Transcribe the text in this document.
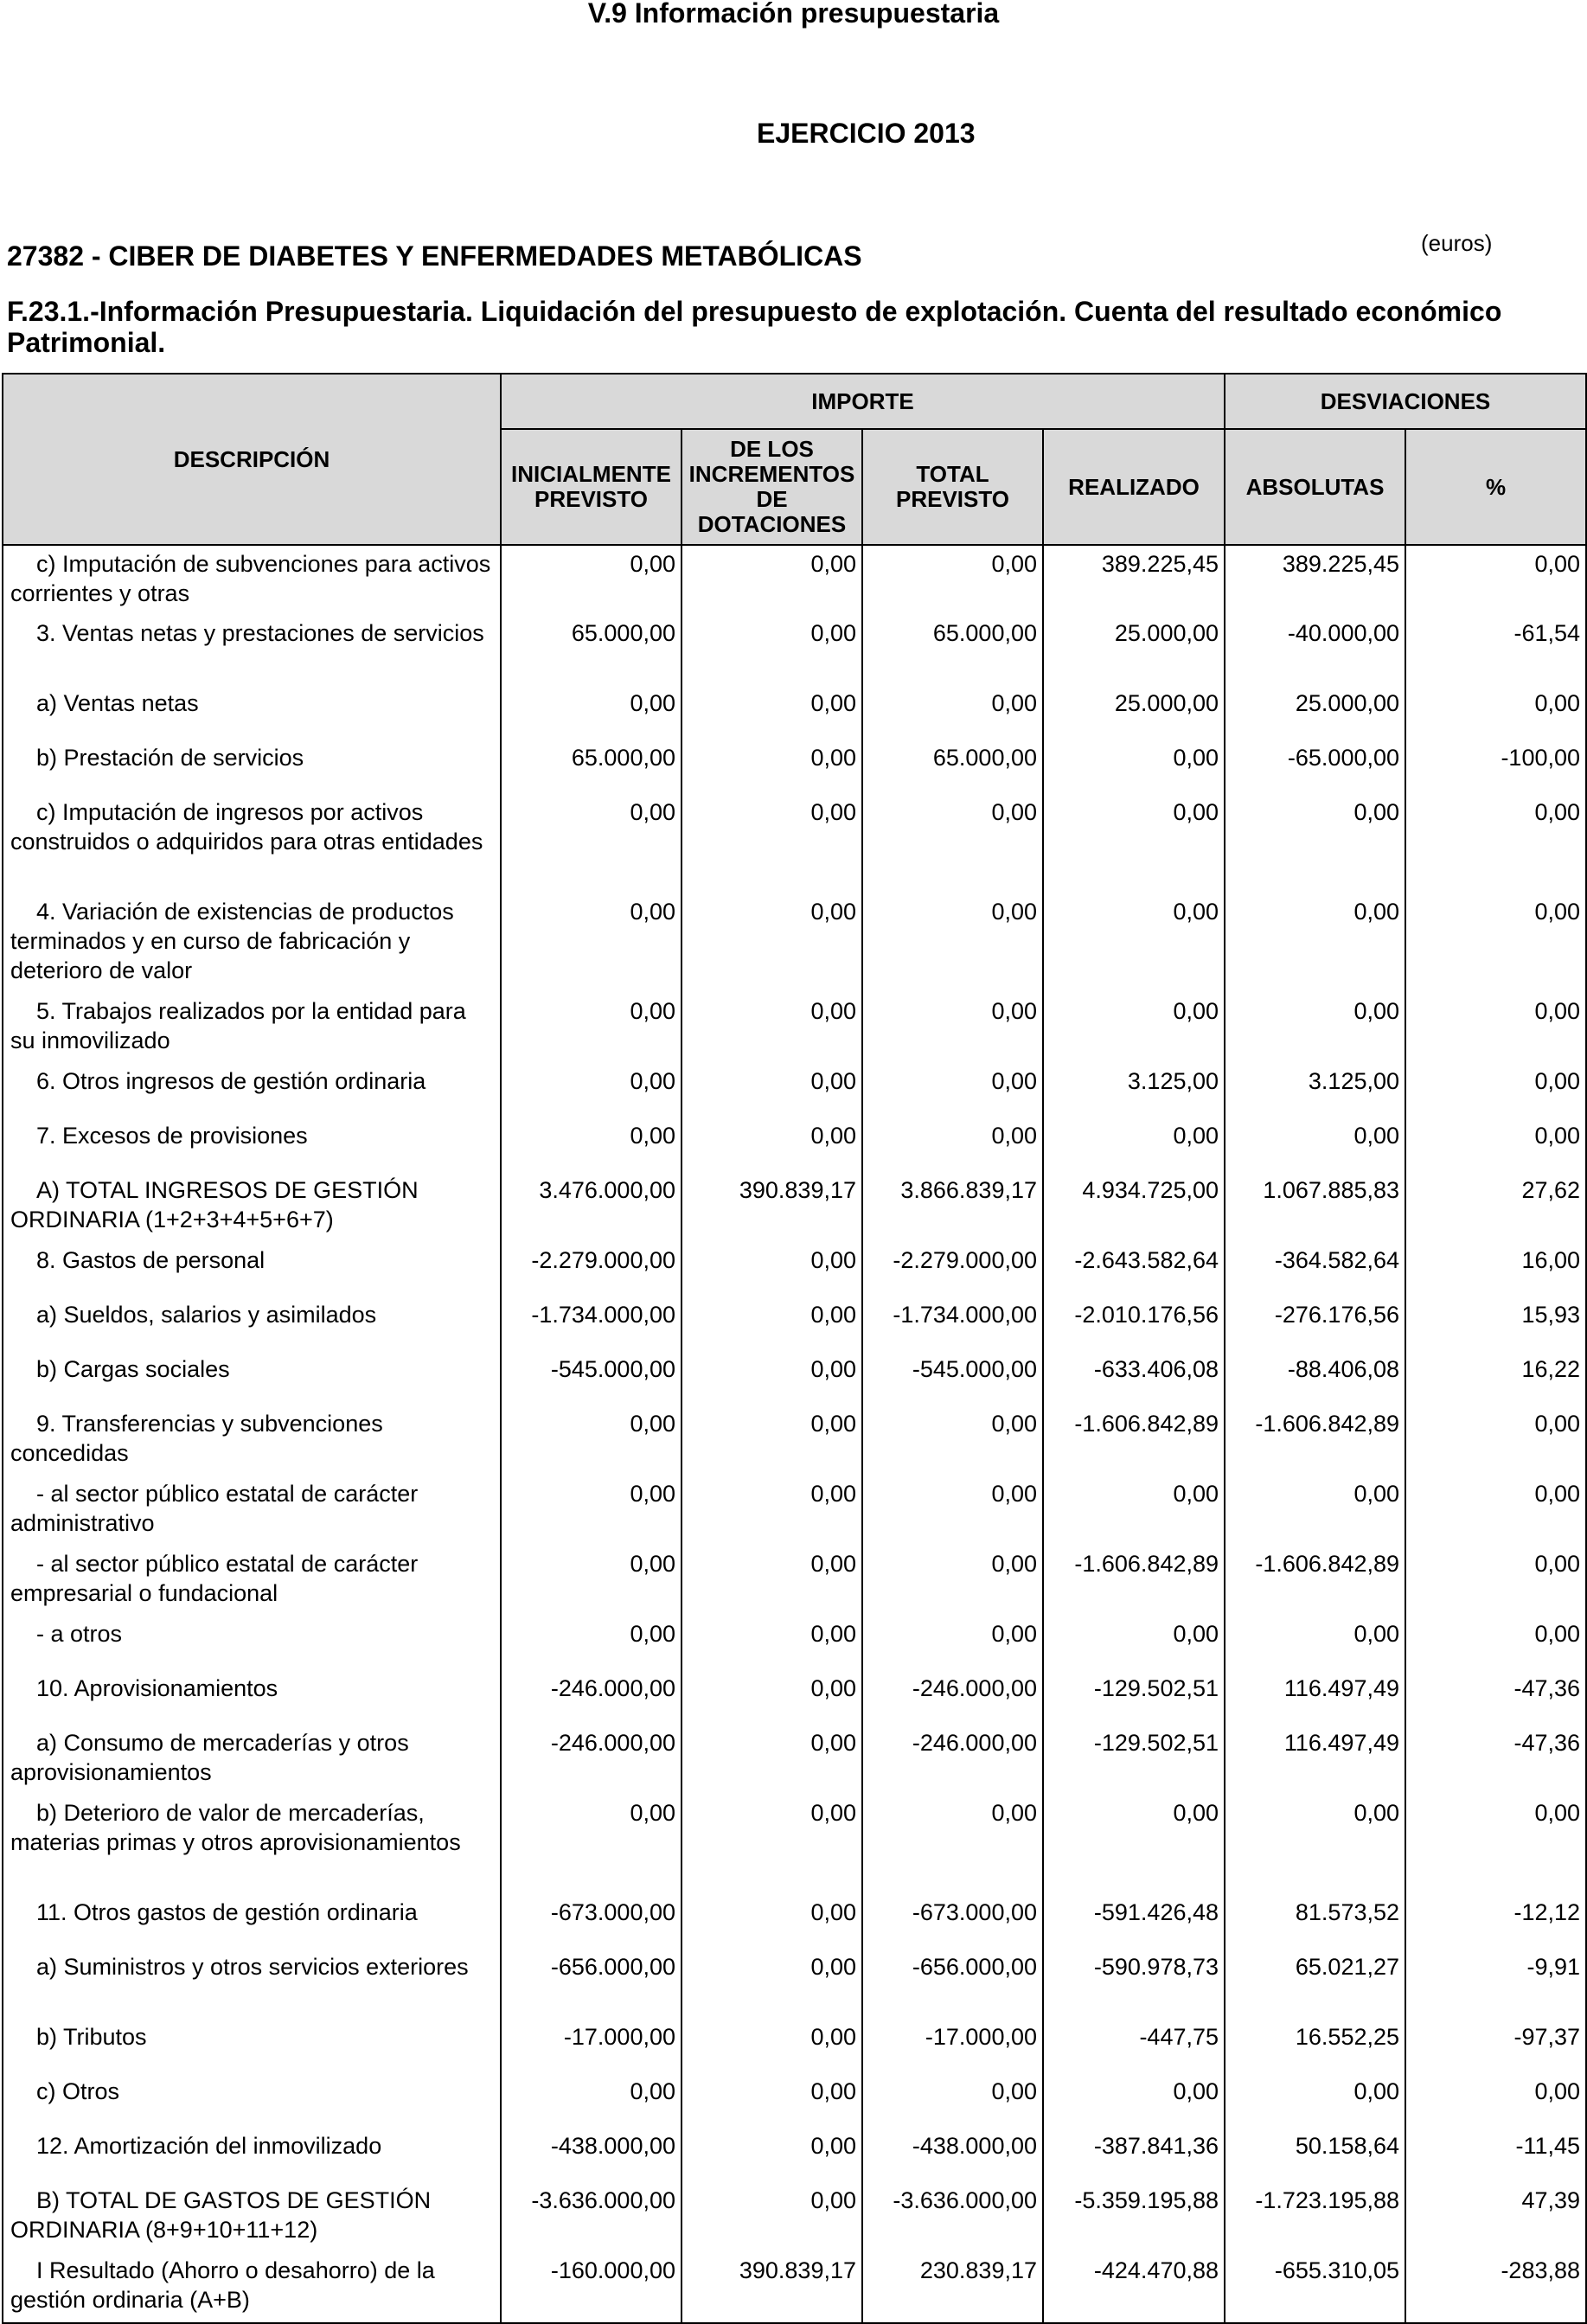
V.9 Información presupuestaria
EJERCICIO 2013
27382 - CIBER DE DIABETES Y ENFERMEDADES METABÓLICAS	(euros)
F.23.1.-Información Presupuestaria. Liquidación del presupuesto de explotación. Cuenta del resultado económico Patrimonial.
DESCRIPCIÓN	IMPORTE				DESVIACIONES	
	INICIALMENTE PREVISTO	DE LOS INCREMENTOS DE DOTACIONES	TOTAL PREVISTO	REALIZADO	ABSOLUTAS	%
c) Imputación de subvenciones para activos corrientes y otras	0,00	0,00	0,00	389.225,45	389.225,45	0,00
3. Ventas netas y prestaciones de servicios	65.000,00	0,00	65.000,00	25.000,00	-40.000,00	-61,54
a) Ventas netas	0,00	0,00	0,00	25.000,00	25.000,00	0,00
b) Prestación de servicios	65.000,00	0,00	65.000,00	0,00	-65.000,00	-100,00
c) Imputación de ingresos por activos construidos o adquiridos para otras entidades	0,00	0,00	0,00	0,00	0,00	0,00
4. Variación de existencias de productos terminados y en curso de fabricación y deterioro de valor	0,00	0,00	0,00	0,00	0,00	0,00
5. Trabajos realizados por la entidad para su inmovilizado	0,00	0,00	0,00	0,00	0,00	0,00
6. Otros ingresos de gestión ordinaria	0,00	0,00	0,00	3.125,00	3.125,00	0,00
7. Excesos de provisiones	0,00	0,00	0,00	0,00	0,00	0,00
A) TOTAL INGRESOS DE GESTIÓN ORDINARIA (1+2+3+4+5+6+7)	3.476.000,00	390.839,17	3.866.839,17	4.934.725,00	1.067.885,83	27,62
8. Gastos de personal	-2.279.000,00	0,00	-2.279.000,00	-2.643.582,64	-364.582,64	16,00
a) Sueldos, salarios y asimilados	-1.734.000,00	0,00	-1.734.000,00	-2.010.176,56	-276.176,56	15,93
b) Cargas sociales	-545.000,00	0,00	-545.000,00	-633.406,08	-88.406,08	16,22
9. Transferencias y subvenciones concedidas	0,00	0,00	0,00	-1.606.842,89	-1.606.842,89	0,00
- al sector público estatal de carácter administrativo	0,00	0,00	0,00	0,00	0,00	0,00
- al sector público estatal de carácter empresarial o fundacional	0,00	0,00	0,00	-1.606.842,89	-1.606.842,89	0,00
- a otros	0,00	0,00	0,00	0,00	0,00	0,00
10. Aprovisionamientos	-246.000,00	0,00	-246.000,00	-129.502,51	116.497,49	-47,36
a) Consumo de mercaderías y otros aprovisionamientos	-246.000,00	0,00	-246.000,00	-129.502,51	116.497,49	-47,36
b) Deterioro de valor de mercaderías, materias primas y otros aprovisionamientos	0,00	0,00	0,00	0,00	0,00	0,00
11. Otros gastos de gestión ordinaria	-673.000,00	0,00	-673.000,00	-591.426,48	81.573,52	-12,12
a) Suministros y otros servicios exteriores	-656.000,00	0,00	-656.000,00	-590.978,73	65.021,27	-9,91
b) Tributos	-17.000,00	0,00	-17.000,00	-447,75	16.552,25	-97,37
c) Otros	0,00	0,00	0,00	0,00	0,00	0,00
12. Amortización del inmovilizado	-438.000,00	0,00	-438.000,00	-387.841,36	50.158,64	-11,45
B) TOTAL DE GASTOS DE GESTIÓN ORDINARIA (8+9+10+11+12)	-3.636.000,00	0,00	-3.636.000,00	-5.359.195,88	-1.723.195,88	47,39
I Resultado (Ahorro o desahorro) de la gestión ordinaria (A+B)	-160.000,00	390.839,17	230.839,17	-424.470,88	-655.310,05	-283,88
